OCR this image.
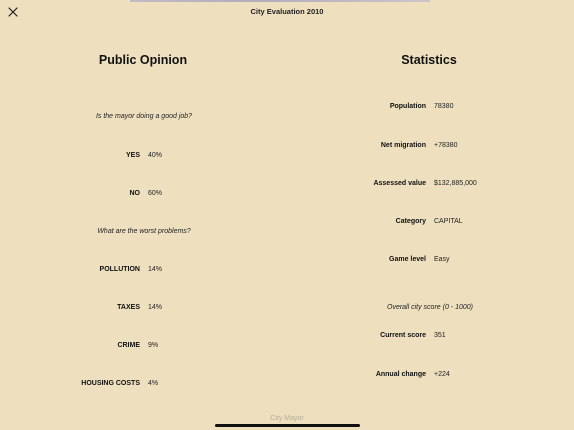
City Evaluation 2010
Public Opinion
Is the mayor doing a good job?
YES 40%
NO 60%
What are the worst problems?
POLLUTION 14%
TAXES 14%
CRIME 9%
HOUSING COSTS 4%
Statistics
Population 78380
Net migration +78380
Assessed value $132,885,000
Category CAPITAL
Game level Easy
Overall city score (0 - 1000)
Current score 351
Annual change +224
City Mayor
